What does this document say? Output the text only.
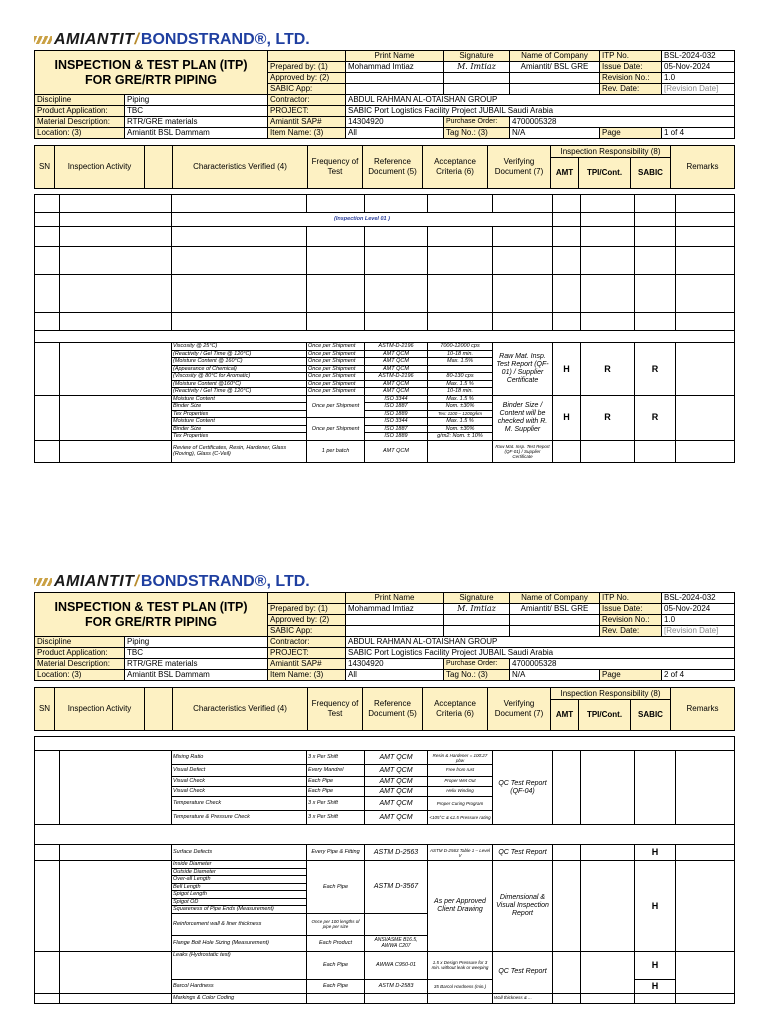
AMIANTIT / BONDSTRAND ®, LTD.
INSPECTION & TEST PLAN (ITP)
FOR GRE/RTR PIPING			Print Name	Signature	Name of Company	ITP No.	BSL-2024-032
		Prepared by: (1)	Mohammad Imtiaz	M. Imtiaz	Amiantit/ BSL GRE	Issue Date:	05-Nov-2024
		Approved by: (2)				Revision No.:	1.0
		SABIC App:				Rev. Date:	[Revision Date]
Discipline	Piping	Contractor:	ABDUL RAHMAN AL-OTAISHAN GROUP				
Product Application:	TBC	PROJECT:	SABIC Port Logistics Facility Project JUBAIL Saudi Arabia				
Material Description:	RTR/GRE materials	Amiantit SAP#	14304920	Purchase Order:	4700005328		
Location: (3)	Amiantit BSL Dammam	Item Name: (3)	All	Tag No.: (3)	N/A	Page	1 of 4
SN	Inspection Activity		Characteristics Verified (4)	Frequency of Test	Reference Document (5)	Acceptance Criteria (6)	Verifying Document (7)	Inspection Responsibility (8)			Remarks
								AMT	TPI/Cont.	SABIC	

		(Inspection Level 01 )								

		Viscosity @ 25°C)	Once per Shipment	ASTM-D-2196	7000-12000 cps	Raw Mat. Insp. Test Report (QF-01) / Supplier Certificate	H	R	R	
		(Reactivity / Gel Time @ 120°C)	Once per Shipment	AMT QCM	10-18 min.					
		(Moisture Content @ 160°C)	Once per Shipment	AMT QCM	Max. 1.5%					
		(Appearance of Chemical)	Once per Shipment	AMT QCM						
		(Viscosity @ 80°C for Aromatic)	Once per Shipment	ASTM-D-2196	80-130 cps					
		(Moisture Content @160°C)	Once per Shipment	AMT QCM	Max. 1.5 %					
		(Reactivity / Gel Time @ 120°C)	Once per Shipment	AMT QCM	10-18 min.					
		Moisture Content	Once per Shipment	ISO 3344	Max. 1.5 %	Binder Size / Content will be checked with R. M. Supplier	H	R	R	
		Binder Size		ISO 1887	Nom. ±30%					
		Tex Properties		ISO 1889	Tex: 1100 – 1200g/km					
		Moisture Content	Once per Shipment	ISO 3344	Max. 1.5 %					
		Binder Size		ISO 1887	Nom. ±30%					
		Tex Properties		ISO 1889	g/m2: Nom. ± 10%					
		Review of Certificates, Resin, Hardener, Glass (Roving), Glass (C-Veil)	1 per batch	AMT QCM		Raw Mat. Insp. Test Report (QF-01) / Supplier Certificate				
AMIANTIT / BONDSTRAND ®, LTD.
INSPECTION & TEST PLAN (ITP)
FOR GRE/RTR PIPING			Print Name	Signature	Name of Company	ITP No.	BSL-2024-032
		Prepared by: (1)	Mohammad Imtiaz	M. Imtiaz	Amiantit/ BSL GRE	Issue Date:	05-Nov-2024
		Approved by: (2)				Revision No.:	1.0
		SABIC App:				Rev. Date:	[Revision Date]
Discipline	Piping	Contractor:	ABDUL RAHMAN AL-OTAISHAN GROUP				
Product Application:	TBC	PROJECT:	SABIC Port Logistics Facility Project JUBAIL Saudi Arabia				
Material Description:	RTR/GRE materials	Amiantit SAP#	14304920	Purchase Order:	4700005328		
Location: (3)	Amiantit BSL Dammam	Item Name: (3)	All	Tag No.: (3)	N/A	Page	2 of 4
SN	Inspection Activity		Characteristics Verified (4)	Frequency of Test	Reference Document (5)	Acceptance Criteria (6)	Verifying Document (7)	Inspection Responsibility (8)			Remarks
								AMT	TPI/Cont.	SABIC	

		Mixing Ratio	3 x Per Shift	AMT QCM	Resin & Hardener = 100:27 pbw	QC Test Report (QF-04)				
		Visual Defect	Every Mandrel	AMT QCM	Free from rust					
		Visual Check	Each Pipe	AMT QCM	Proper Wet Out					
		Visual Check	Each Pipe	AMT QCM	Helix Winding					
		Temperature Check	3 x Per Shift	AMT QCM	Proper Curing Program					
		Temperature & Pressure Check	3 x Per Shift	AMT QCM	<105°C & ≤1.5 Pressure rating					

		Surface Defects	Every Pipe & Fitting	ASTM D-2563	ASTM D-2563 Table 1 – Level V	QC Test Report			H	
		Inside Diameter	Each Pipe	ASTM D-3567	As per Approved Client Drawing	Dimensional & Visual Inspection Report			H	
		Outside Diameter								
		Over-all Length								
		Bell Length								
		Spigot Length								
		Spigot OD								
		Squareness of Pipe Ends (Measurement)								
		Reinforcement wall & liner thickness	Once per 100 lengths of pipe per size							
		Flange Bolt Hole Sizing (Measurement)	Each Product	ANSI/ASME B16.5, AWWA C207						
		Leaks (Hydrostatic test)	Each Pipe	AWWA C950-01	1.5 x Design Pressure for 3 min. without leak or weeping	QC Test Report			H	
		Barcol Hardness	Each Pipe	ASTM D-2583	35 Barcol Hardness (min.)				H	
		Markings & Color Coding				Wall thickness & ...				
